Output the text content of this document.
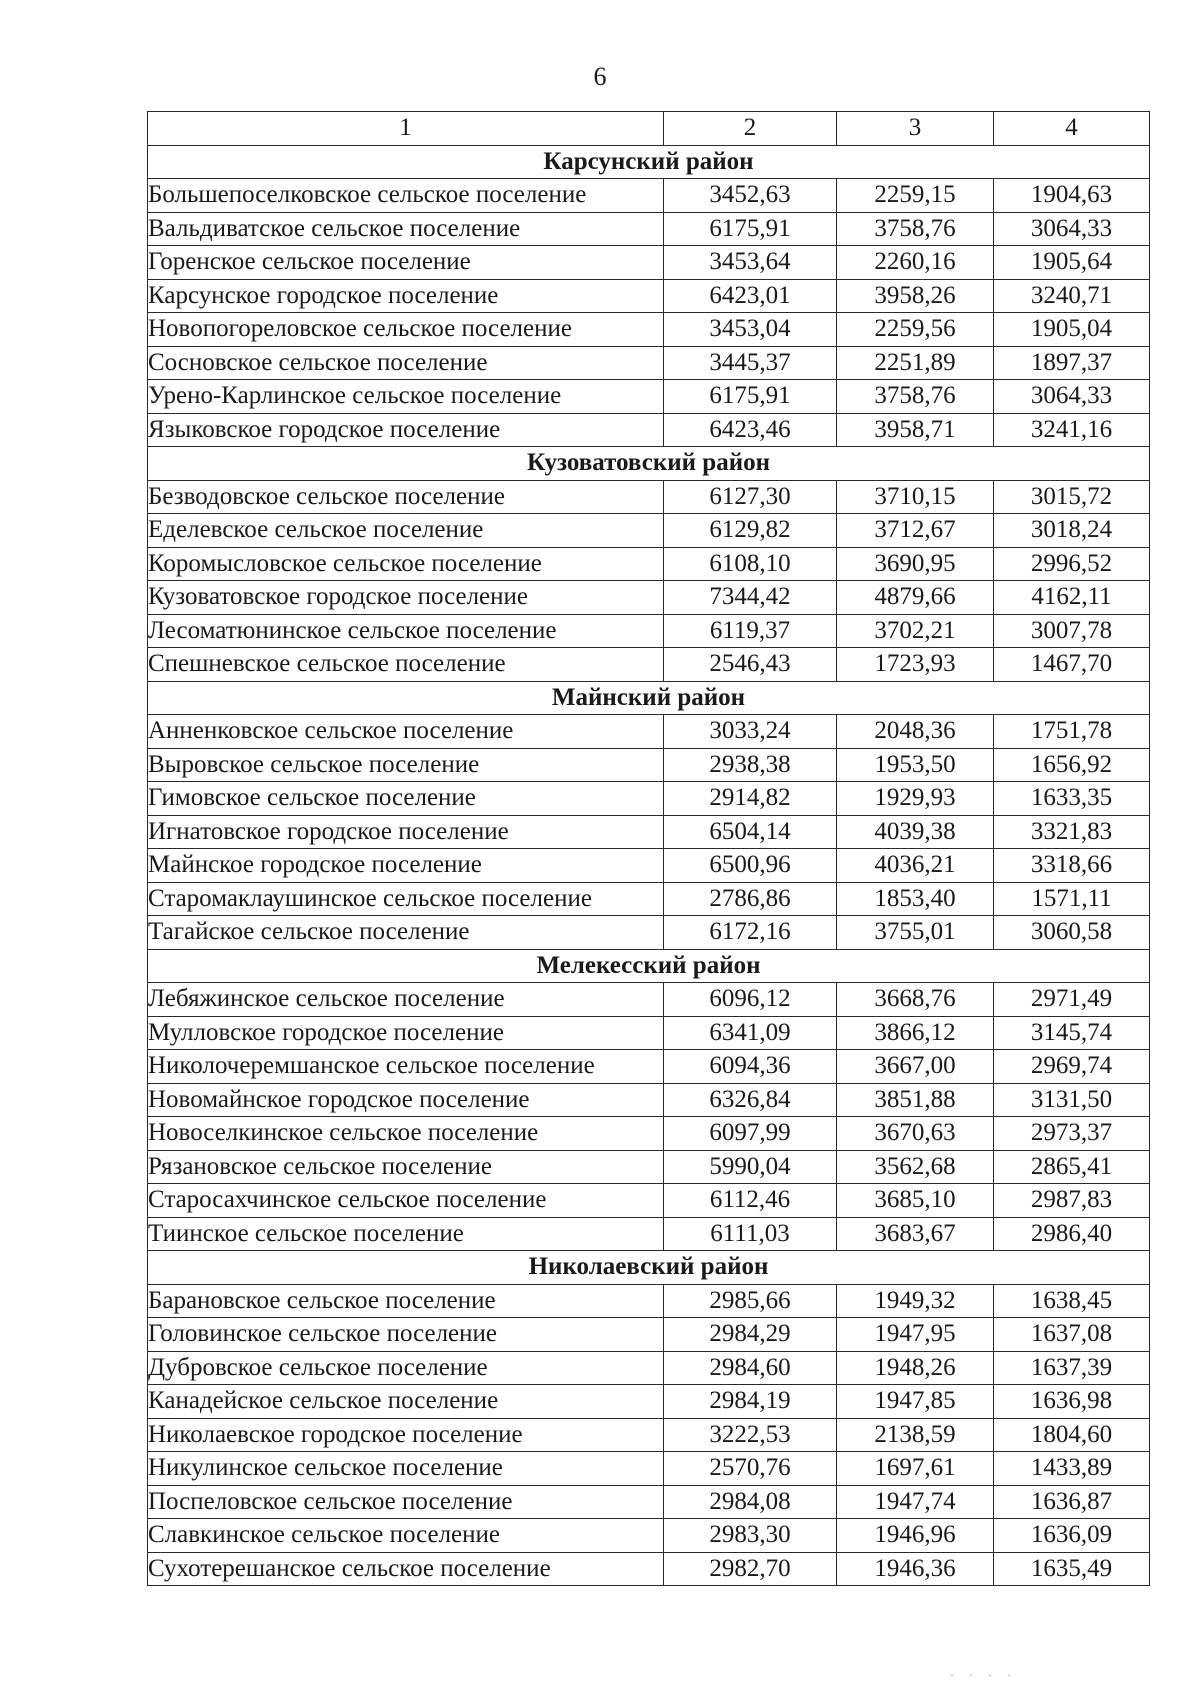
6
1	2	3	4
Карсунский район			
Большепоселковское сельское поселение	3452,63	2259,15	1904,63
Вальдиватское сельское поселение	6175,91	3758,76	3064,33
Горенское сельское поселение	3453,64	2260,16	1905,64
Карсунское городское поселение	6423,01	3958,26	3240,71
Новопогореловское сельское поселение	3453,04	2259,56	1905,04
Сосновское сельское поселение	3445,37	2251,89	1897,37
Урено-Карлинское сельское поселение	6175,91	3758,76	3064,33
Языковское городское поселение	6423,46	3958,71	3241,16
Кузоватовский район			
Безводовское сельское поселение	6127,30	3710,15	3015,72
Еделевское сельское поселение	6129,82	3712,67	3018,24
Коромысловское сельское поселение	6108,10	3690,95	2996,52
Кузоватовское городское поселение	7344,42	4879,66	4162,11
Лесоматюнинское сельское поселение	6119,37	3702,21	3007,78
Спешневское сельское поселение	2546,43	1723,93	1467,70
Майнский район			
Анненковское сельское поселение	3033,24	2048,36	1751,78
Выровское сельское поселение	2938,38	1953,50	1656,92
Гимовское сельское поселение	2914,82	1929,93	1633,35
Игнатовское городское поселение	6504,14	4039,38	3321,83
Майнское городское поселение	6500,96	4036,21	3318,66
Старомаклаушинское сельское поселение	2786,86	1853,40	1571,11
Тагайское сельское поселение	6172,16	3755,01	3060,58
Мелекесский район			
Лебяжинское сельское поселение	6096,12	3668,76	2971,49
Мулловское городское поселение	6341,09	3866,12	3145,74
Николочеремшанское сельское поселение	6094,36	3667,00	2969,74
Новомайнское городское поселение	6326,84	3851,88	3131,50
Новоселкинское сельское поселение	6097,99	3670,63	2973,37
Рязановское сельское поселение	5990,04	3562,68	2865,41
Старосахчинское сельское поселение	6112,46	3685,10	2987,83
Тиинское сельское поселение	6111,03	3683,67	2986,40
Николаевский район			
Барановское сельское поселение	2985,66	1949,32	1638,45
Головинское сельское поселение	2984,29	1947,95	1637,08
Дубровское сельское поселение	2984,60	1948,26	1637,39
Канадейское сельское поселение	2984,19	1947,85	1636,98
Николаевское городское поселение	3222,53	2138,59	1804,60
Никулинское сельское поселение	2570,76	1697,61	1433,89
Поспеловское сельское поселение	2984,08	1947,74	1636,87
Славкинское сельское поселение	2983,30	1946,96	1636,09
Сухотерешанское сельское поселение	2982,70	1946,36	1635,49
· · · ·
